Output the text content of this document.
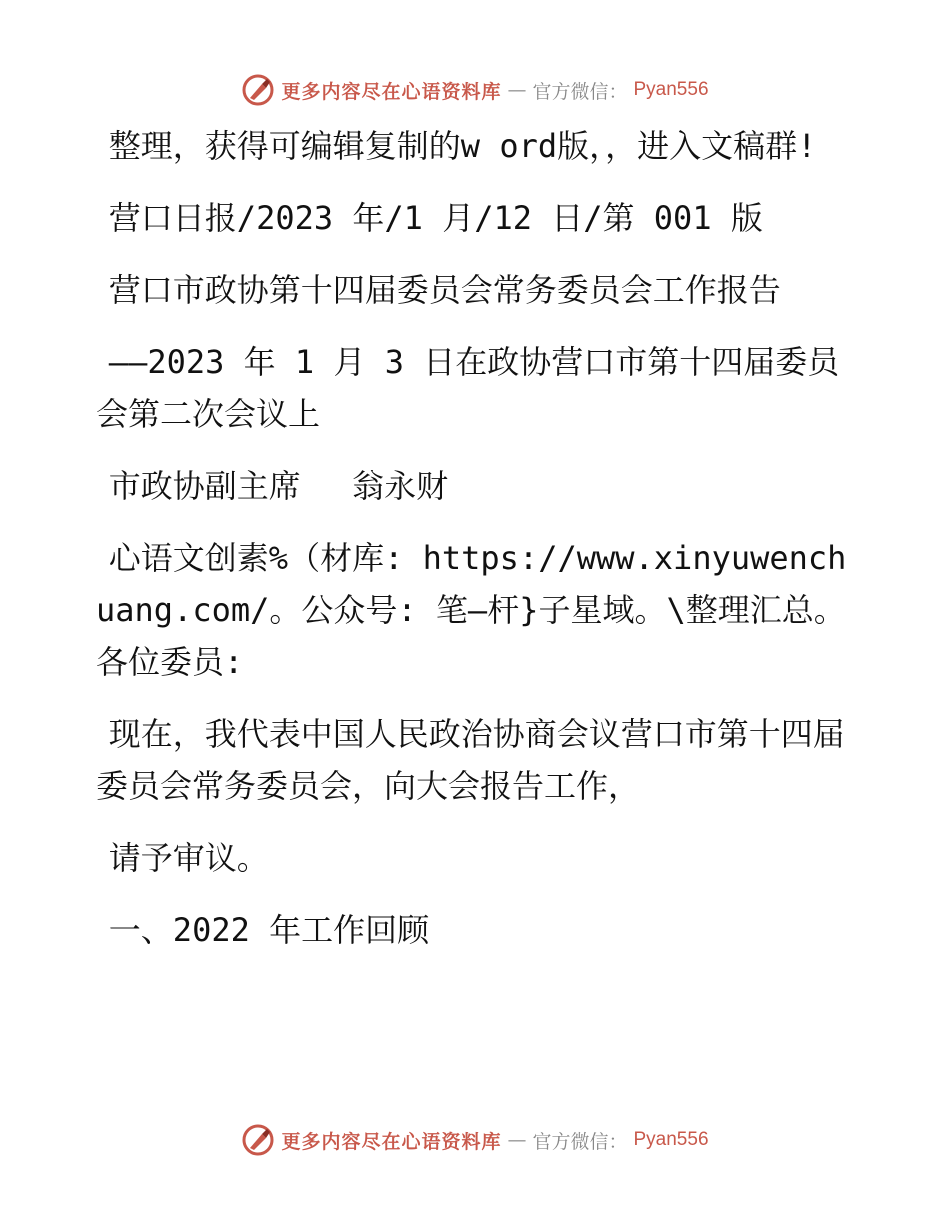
更多内容尽在心语资料库 — 官方微信： Pyan556

整理，获得可编辑复制的w ord版，，进入文稿群!

营口日报/2023 年/1 月/12 日/第 001 版

营口市政协第十四届委员会常务委员会工作报告

——2023 年 1 月 3 日在政协营口市第十四届委员会第二次会议上

市政协副主席　 翁永财

心语文创素%（材库: https://www.xinyuwenchuang.com/。公众号: 笔—杆}子星域。\整理汇总。各位委员:

现在，我代表中国人民政治协商会议营口市第十四届委员会常务委员会，向大会报告工作，

请予审议。

一、2022 年工作回顾

更多内容尽在心语资料库 — 官方微信： Pyan556
